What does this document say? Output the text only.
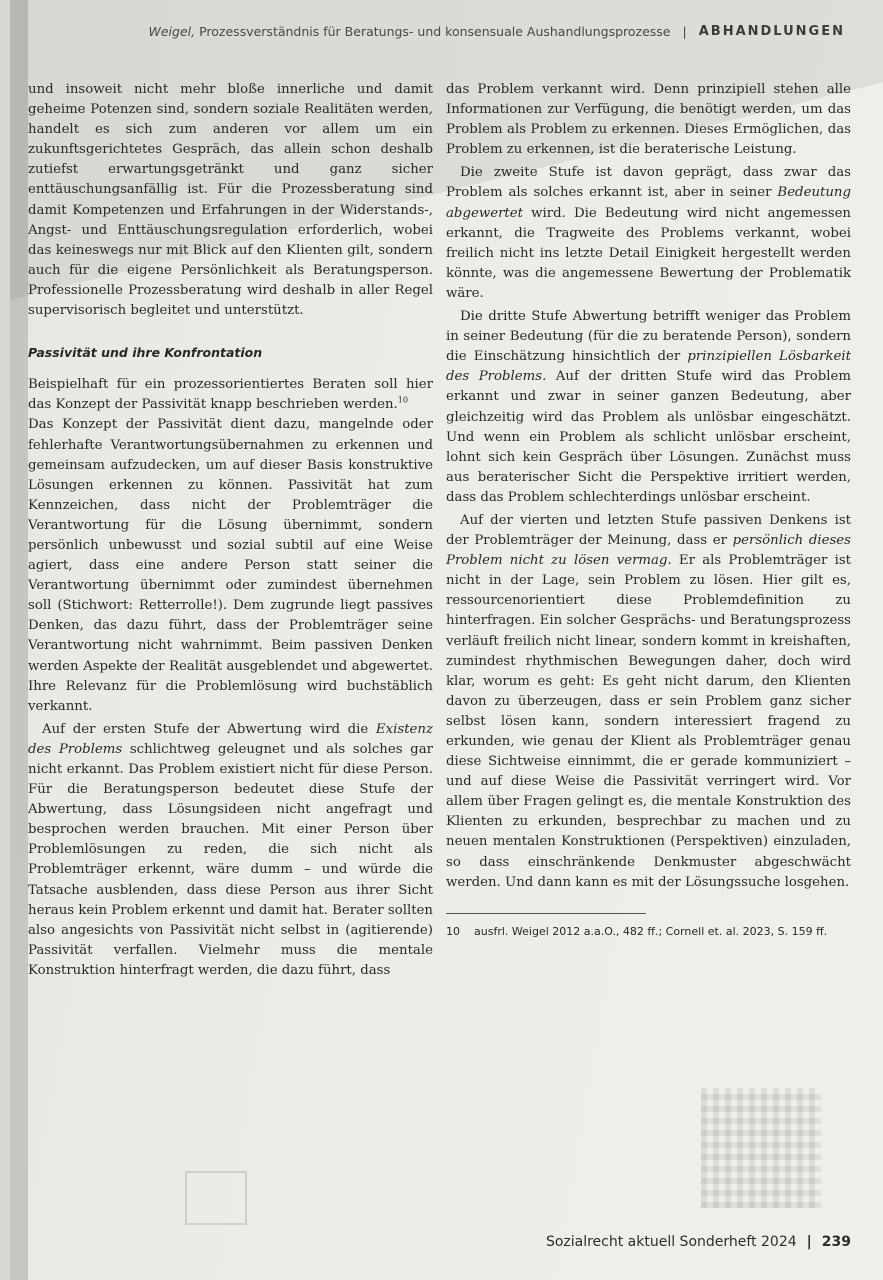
Weigel,
Prozessverständnis für Beratungs- und konsensuale Aushandlungsprozesse | ABHANDLUNGEN

und insoweit nicht mehr bloße innerliche und damit geheime Potenzen sind, sondern soziale Realitäten werden, handelt es sich zum anderen vor allem um ein zukunftsgerichtetes Gespräch, das allein schon deshalb zutiefst erwartungsgetränkt und ganz sicher enttäuschungsanfällig ist. Für die Prozessberatung sind damit Kompetenzen und Erfahrungen in der Widerstands-, Angst- und Enttäuschungsregulation erforderlich, wobei das keineswegs nur mit Blick auf den Klienten gilt, sondern auch für die eigene Persönlichkeit als Beratungsperson. Professionelle Prozessberatung wird deshalb in aller Regel supervisorisch begleitet und unterstützt.

Passivität und ihre Konfrontation

Beispielhaft für ein prozessorientiertes Beraten soll hier das Konzept der Passivität knapp beschrieben werden.$^{10}$

Das Konzept der Passivität dient dazu, mangelnde oder fehlerhafte Verantwortungsübernahmen zu erkennen und gemeinsam aufzudecken, um auf dieser Basis konstruktive Lösungen erkennen zu können. Passivität hat zum Kennzeichen, dass nicht der Problemträger die Verantwortung für die Lösung übernimmt, sondern persönlich unbewusst und sozial subtil auf eine Weise agiert, dass eine andere Person statt seiner die Verantwortung übernimmt oder zumindest übernehmen soll (Stichwort: Retterrolle!). Dem zugrunde liegt passives Denken, das dazu führt, dass der Problemträger seine Verantwortung nicht wahrnimmt. Beim passiven Denken werden Aspekte der Realität ausgeblendet und abgewertet. Ihre Relevanz für die Problemlösung wird buchstäblich verkannt.

Auf der ersten Stufe der Abwertung wird die Existenz des Problems schlichtweg geleugnet und als solches gar nicht erkannt. Das Problem existiert nicht für diese Person. Für die Beratungsperson bedeutet diese Stufe der Abwertung, dass Lösungsideen nicht angefragt und besprochen werden brauchen. Mit einer Person über Problemlösungen zu reden, die sich nicht als Problemträger erkennt, wäre dumm – und würde die Tatsache ausblenden, dass diese Person aus ihrer Sicht heraus kein Problem erkennt und damit hat. Berater sollten also angesichts von Passivität nicht selbst in (agitierende) Passivität verfallen. Vielmehr muss die mentale Konstruktion hinterfragt werden, die dazu führt, dass

das Problem verkannt wird. Denn prinzipiell stehen alle Informationen zur Verfügung, die benötigt werden, um das Problem als Problem zu erkennen. Dieses Ermöglichen, das Problem zu erkennen, ist die beraterische Leistung.

Die zweite Stufe ist davon geprägt, dass zwar das Problem als solches erkannt ist, aber in seiner Bedeutung abgewertet wird. Die Bedeutung wird nicht angemessen erkannt, die Tragweite des Problems verkannt, wobei freilich nicht ins letzte Detail Einigkeit hergestellt werden könnte, was die angemessene Bewertung der Problematik wäre.

Die dritte Stufe Abwertung betrifft weniger das Problem in seiner Bedeutung (für die zu beratende Person), sondern die Einschätzung hinsichtlich der prinzipiellen Lösbarkeit des Problems. Auf der dritten Stufe wird das Problem erkannt und zwar in seiner ganzen Bedeutung, aber gleichzeitig wird das Problem als unlösbar eingeschätzt. Und wenn ein Problem als schlicht unlösbar erscheint, lohnt sich kein Gespräch über Lösungen. Zunächst muss aus beraterischer Sicht die Perspektive irritiert werden, dass das Problem schlechterdings unlösbar erscheint.

Auf der vierten und letzten Stufe passiven Denkens ist der Problemträger der Meinung, dass er persönlich dieses Problem nicht zu lösen vermag. Er als Problemträger ist nicht in der Lage, sein Problem zu lösen. Hier gilt es, ressourcenorientiert diese Problemdefinition zu hinterfragen. Ein solcher Gesprächs- und Beratungsprozess verläuft freilich nicht linear, sondern kommt in kreishaften, zumindest rhythmischen Bewegungen daher, doch wird klar, worum es geht: Es geht nicht darum, den Klienten davon zu überzeugen, dass er sein Problem ganz sicher selbst lösen kann, sondern interessiert fragend zu erkunden, wie genau der Klient als Problemträger genau diese Sichtweise einnimmt, die er gerade kommuniziert – und auf diese Weise die Passivität verringert wird. Vor allem über Fragen gelingt es, die mentale Konstruktion des Klienten zu erkunden, besprechbar zu machen und zu neuen mentalen Konstruktionen (Perspektiven) einzuladen, so dass einschränkende Denkmuster abgeschwächt werden. Und dann kann es mit der Lösungssuche losgehen.

10 ausfrl. Weigel 2012 a.a.O., 482 ff.; Cornell et. al. 2023, S. 159 ff.
Sozialrecht aktuell Sonderheft 2024 | 239
